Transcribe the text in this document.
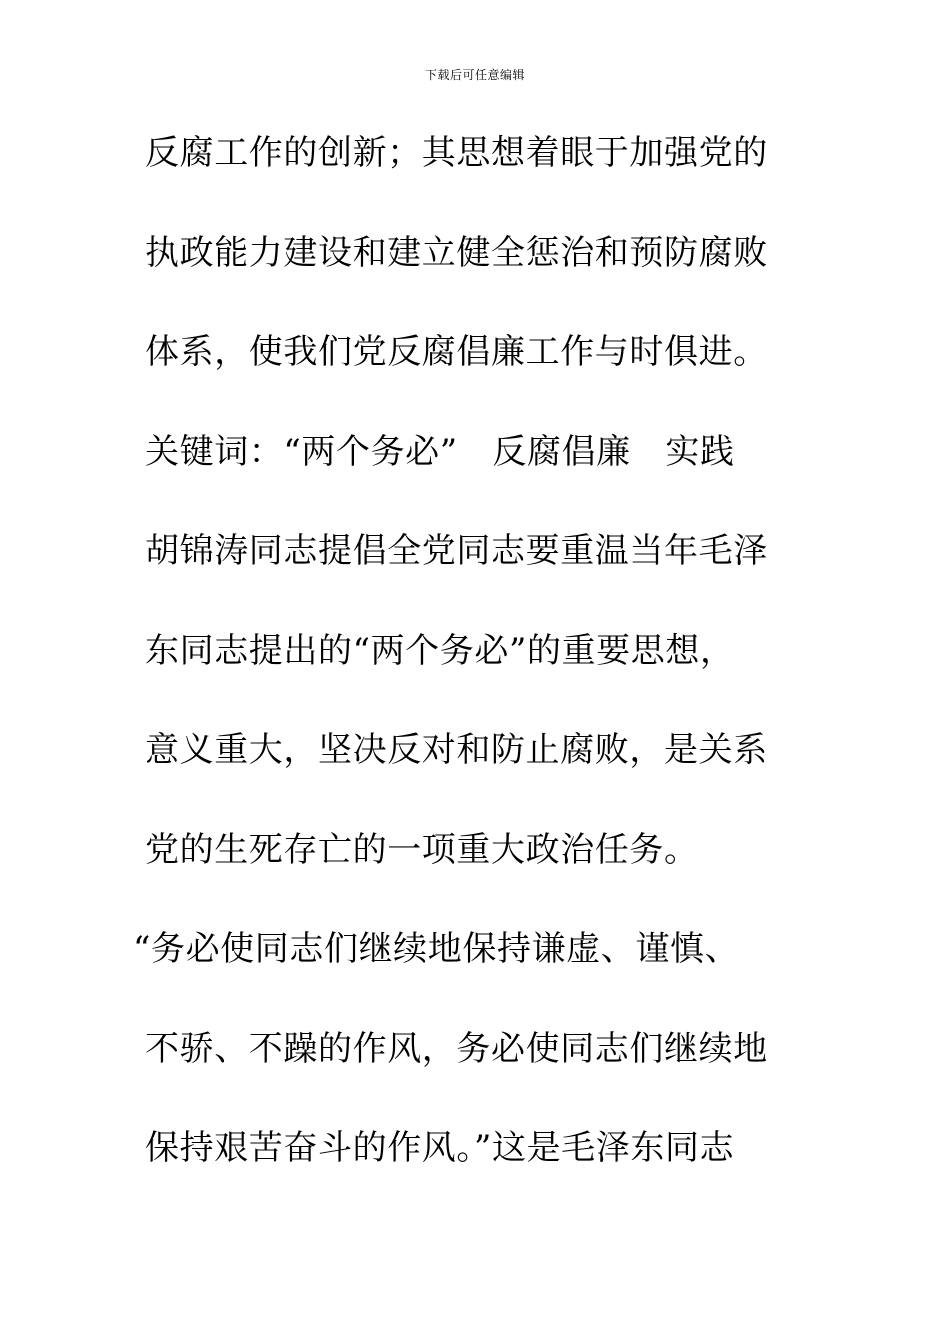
下载后可任意编辑
反腐工作的创新；其思想着眼于加强党的
执政能力建设和建立健全惩治和预防腐败
体系，使我们党反腐倡廉工作与时俱进。
关键词：“两个务必”　反腐倡廉　实践
胡锦涛同志提倡全党同志要重温当年毛泽
东同志提出的“两个务必”的重要思想，
意义重大，坚决反对和防止腐败，是关系
党的生死存亡的一项重大政治任务。
“务必使同志们继续地保持谦虚、谨慎、
不骄、不躁的作风，务必使同志们继续地
保持艰苦奋斗的作风。”这是毛泽东同志
